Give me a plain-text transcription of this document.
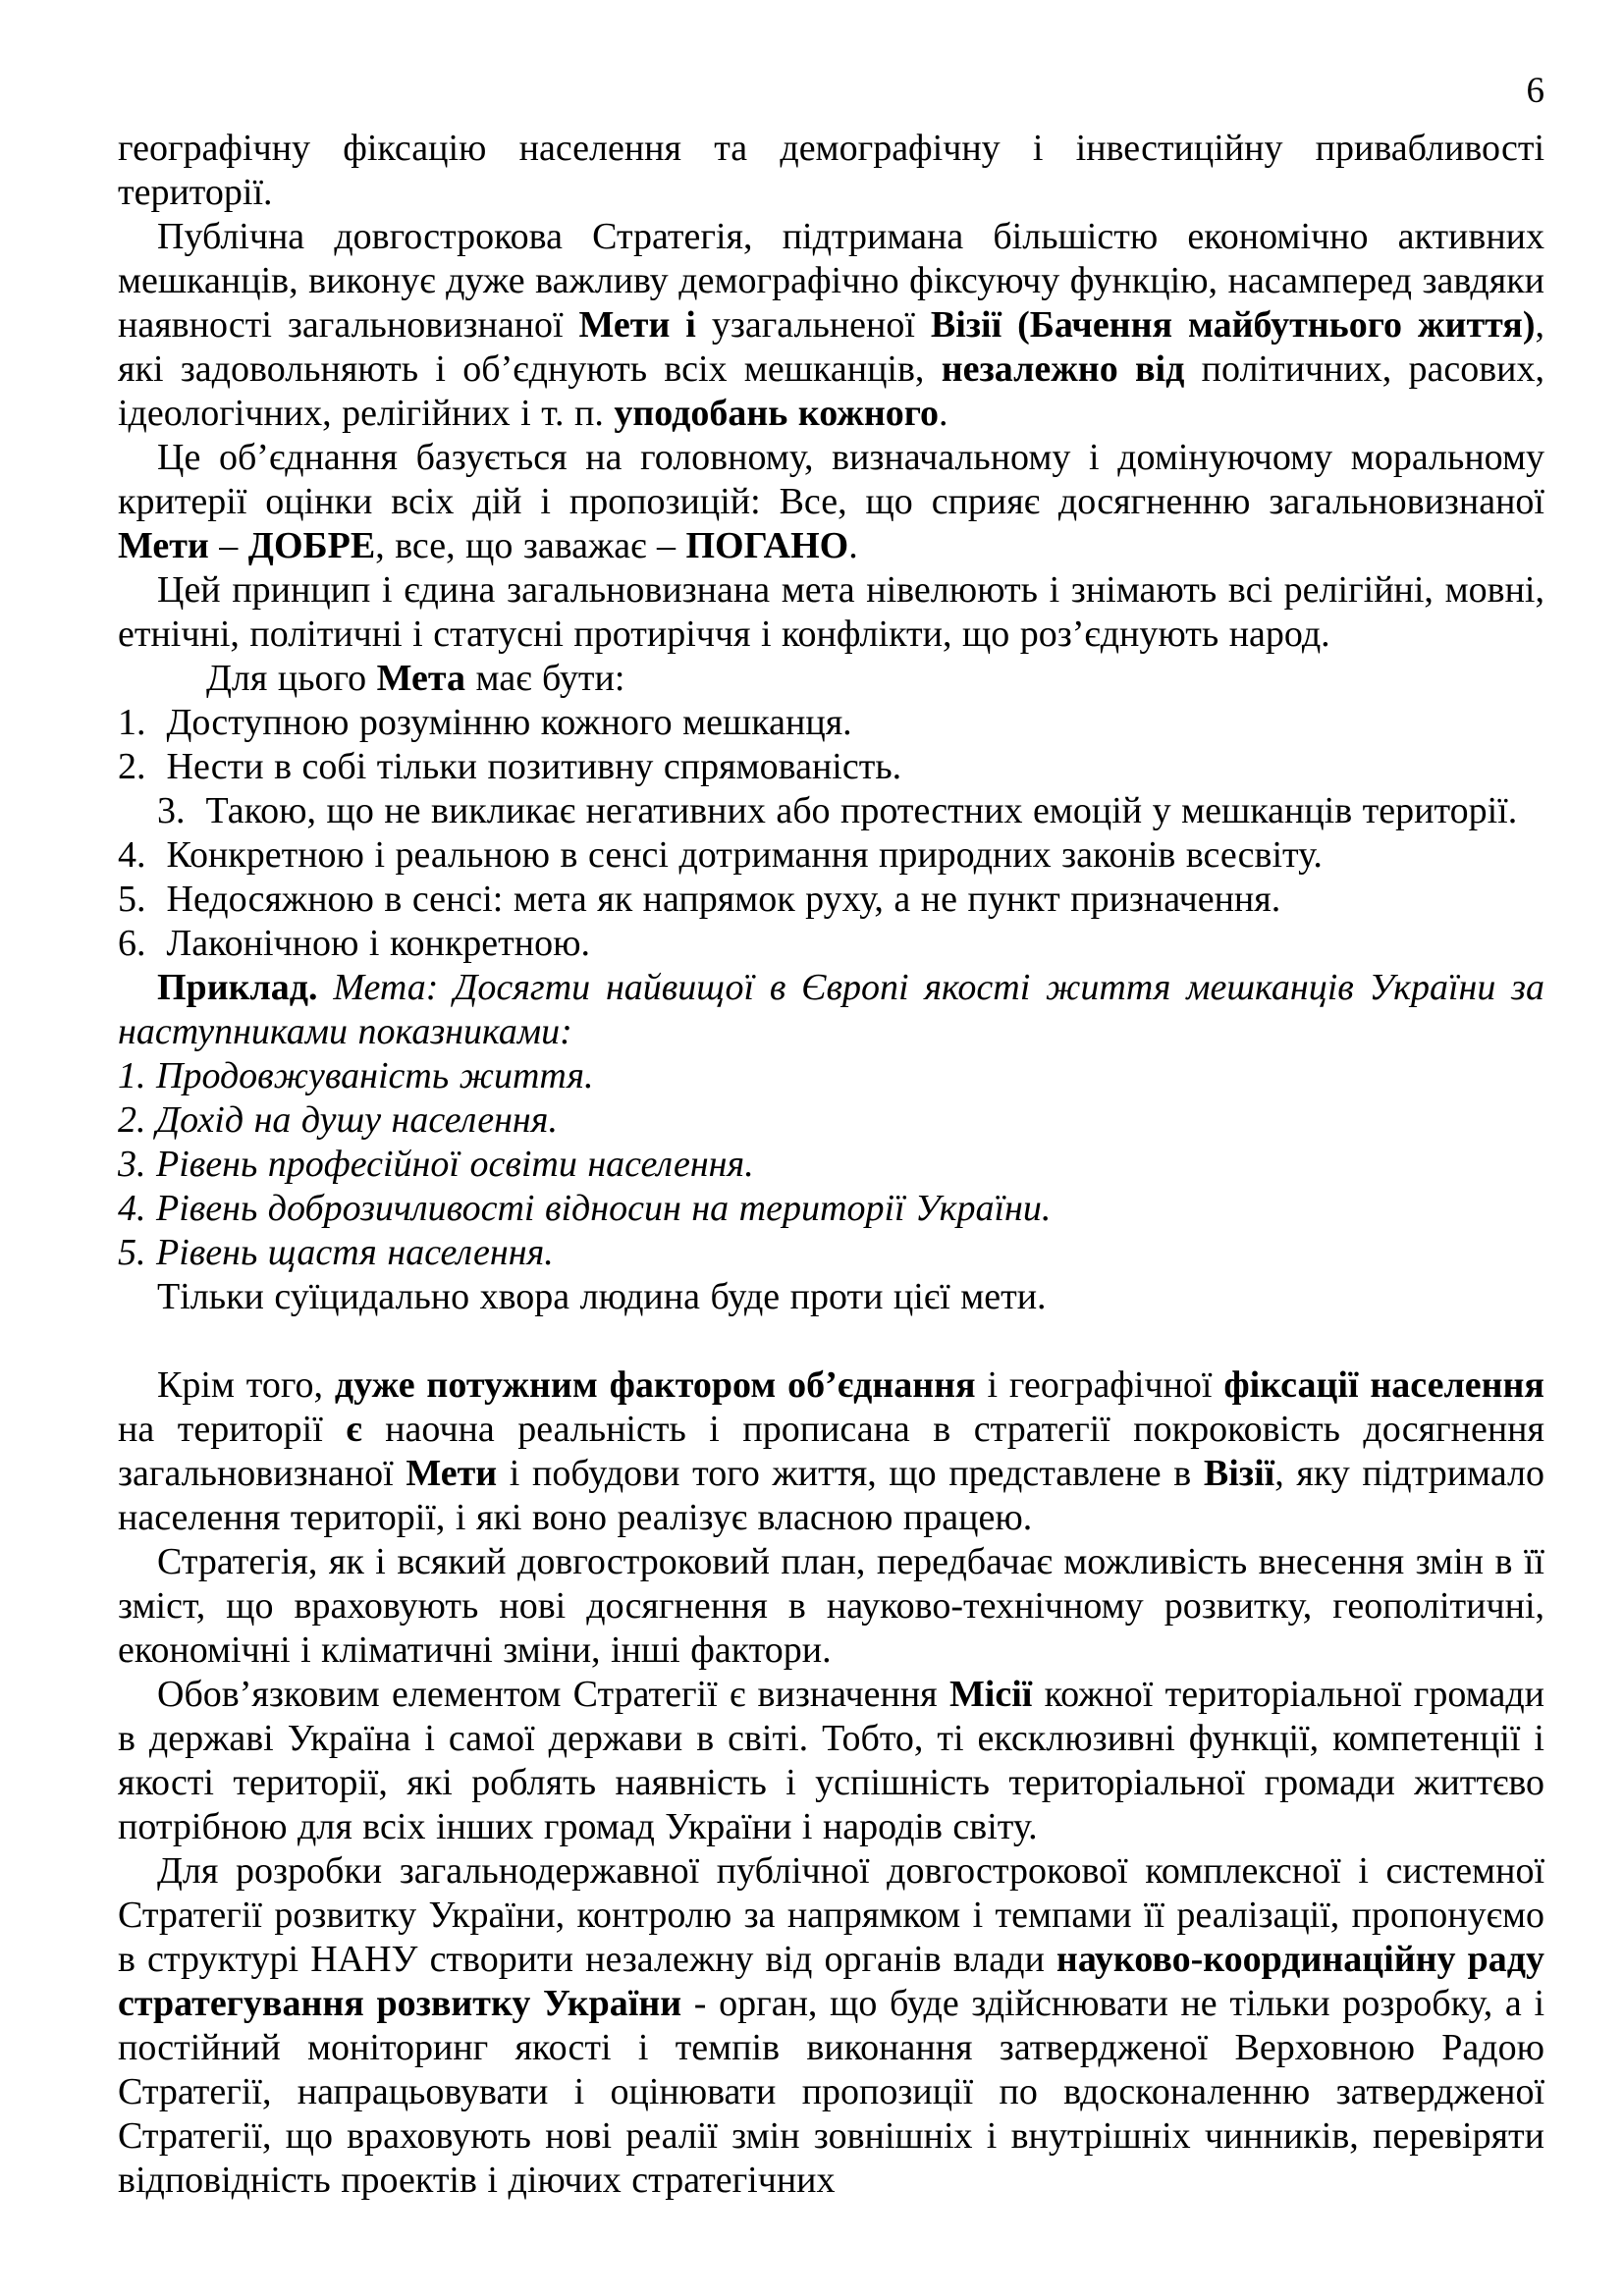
6

географічну фіксацію населення та демографічну і інвестиційну привабливості території.

Публічна довгострокова Стратегія, підтримана більшістю економічно активних мешканців, виконує дуже важливу демографічно фіксуючу функцію, насамперед завдяки наявності загальновизнаної Мети і узагальненої Візії (Бачення майбутнього життя), які задовольняють і об’єднують всіх мешканців, незалежно від політичних, расових, ідеологічних, релігійних і т. п. уподобань кожного.

Це об’єднання базується на головному, визначальному і домінуючому моральному критерії оцінки всіх дій і пропозицій: Все, що сприяє досягненню загальновизнаної Мети – ДОБРЕ, все, що заважає – ПОГАНО.

Цей принцип і єдина загальновизнана мета нівелюють і знімають всі релігійні, мовні, етнічні, політичні і статусні протиріччя і конфлікти, що роз’єднують народ.

Для цього Мета має бути:

1.  Доступною розумінню кожного мешканця.

2.  Нести в собі тільки позитивну спрямованість.

3.  Такою, що не викликає негативних або протестних емоцій у мешканців території.

4.  Конкретною і реальною в сенсі дотримання природних законів всесвіту.

5.  Недосяжною в сенсі: мета як напрямок руху, а не пункт призначення.

6.  Лаконічною і конкретною.

Приклад. Мета: Досягти найвищої в Європі якості життя мешканців України за наступниками показниками:

1. Продовжуваність життя.

2. Дохід на душу населення.

3. Рівень професійної освіти населення.

4. Рівень доброзичливості відносин на території України.

5. Рівень щастя населення.

Тільки суїцидально хвора людина буде проти цієї мети.

Крім того, дуже потужним фактором об’єднання і географічної фіксації населення на території є наочна реальність і прописана в стратегії покроковість досягнення загальновизнаної Мети і побудови того життя, що представлене в Візії, яку підтримало населення території, і які воно реалізує власною працею.

Стратегія, як і всякий довгостроковий план, передбачає можливість внесення змін в її зміст, що враховують нові досягнення в науково-технічному розвитку, геополітичні, економічні і кліматичні зміни, інші фактори.

Обов’язковим елементом Стратегії є визначення Місії кожної територіальної громади в державі Україна і самої держави в світі. Тобто, ті ексклюзивні функції, компетенції і якості території, які роблять наявність і успішність територіальної громади життєво потрібною для всіх інших громад України і народів світу.

Для розробки загальнодержавної публічної довгострокової комплексної і системної Стратегії розвитку України, контролю за напрямком і темпами її реалізації, пропонуємо в структурі НАНУ створити незалежну від органів влади науково-координаційну раду стратегування розвитку України - орган, що буде здійснювати не тільки розробку, а і постійний моніторинг якості і темпів виконання затвердженої Верховною Радою Стратегії, напрацьовувати і оцінювати пропозиції по вдосконаленню затвердженої Стратегії, що враховують нові реалії змін зовнішніх і внутрішніх чинників, перевіряти відповідність проектів і діючих стратегічних
